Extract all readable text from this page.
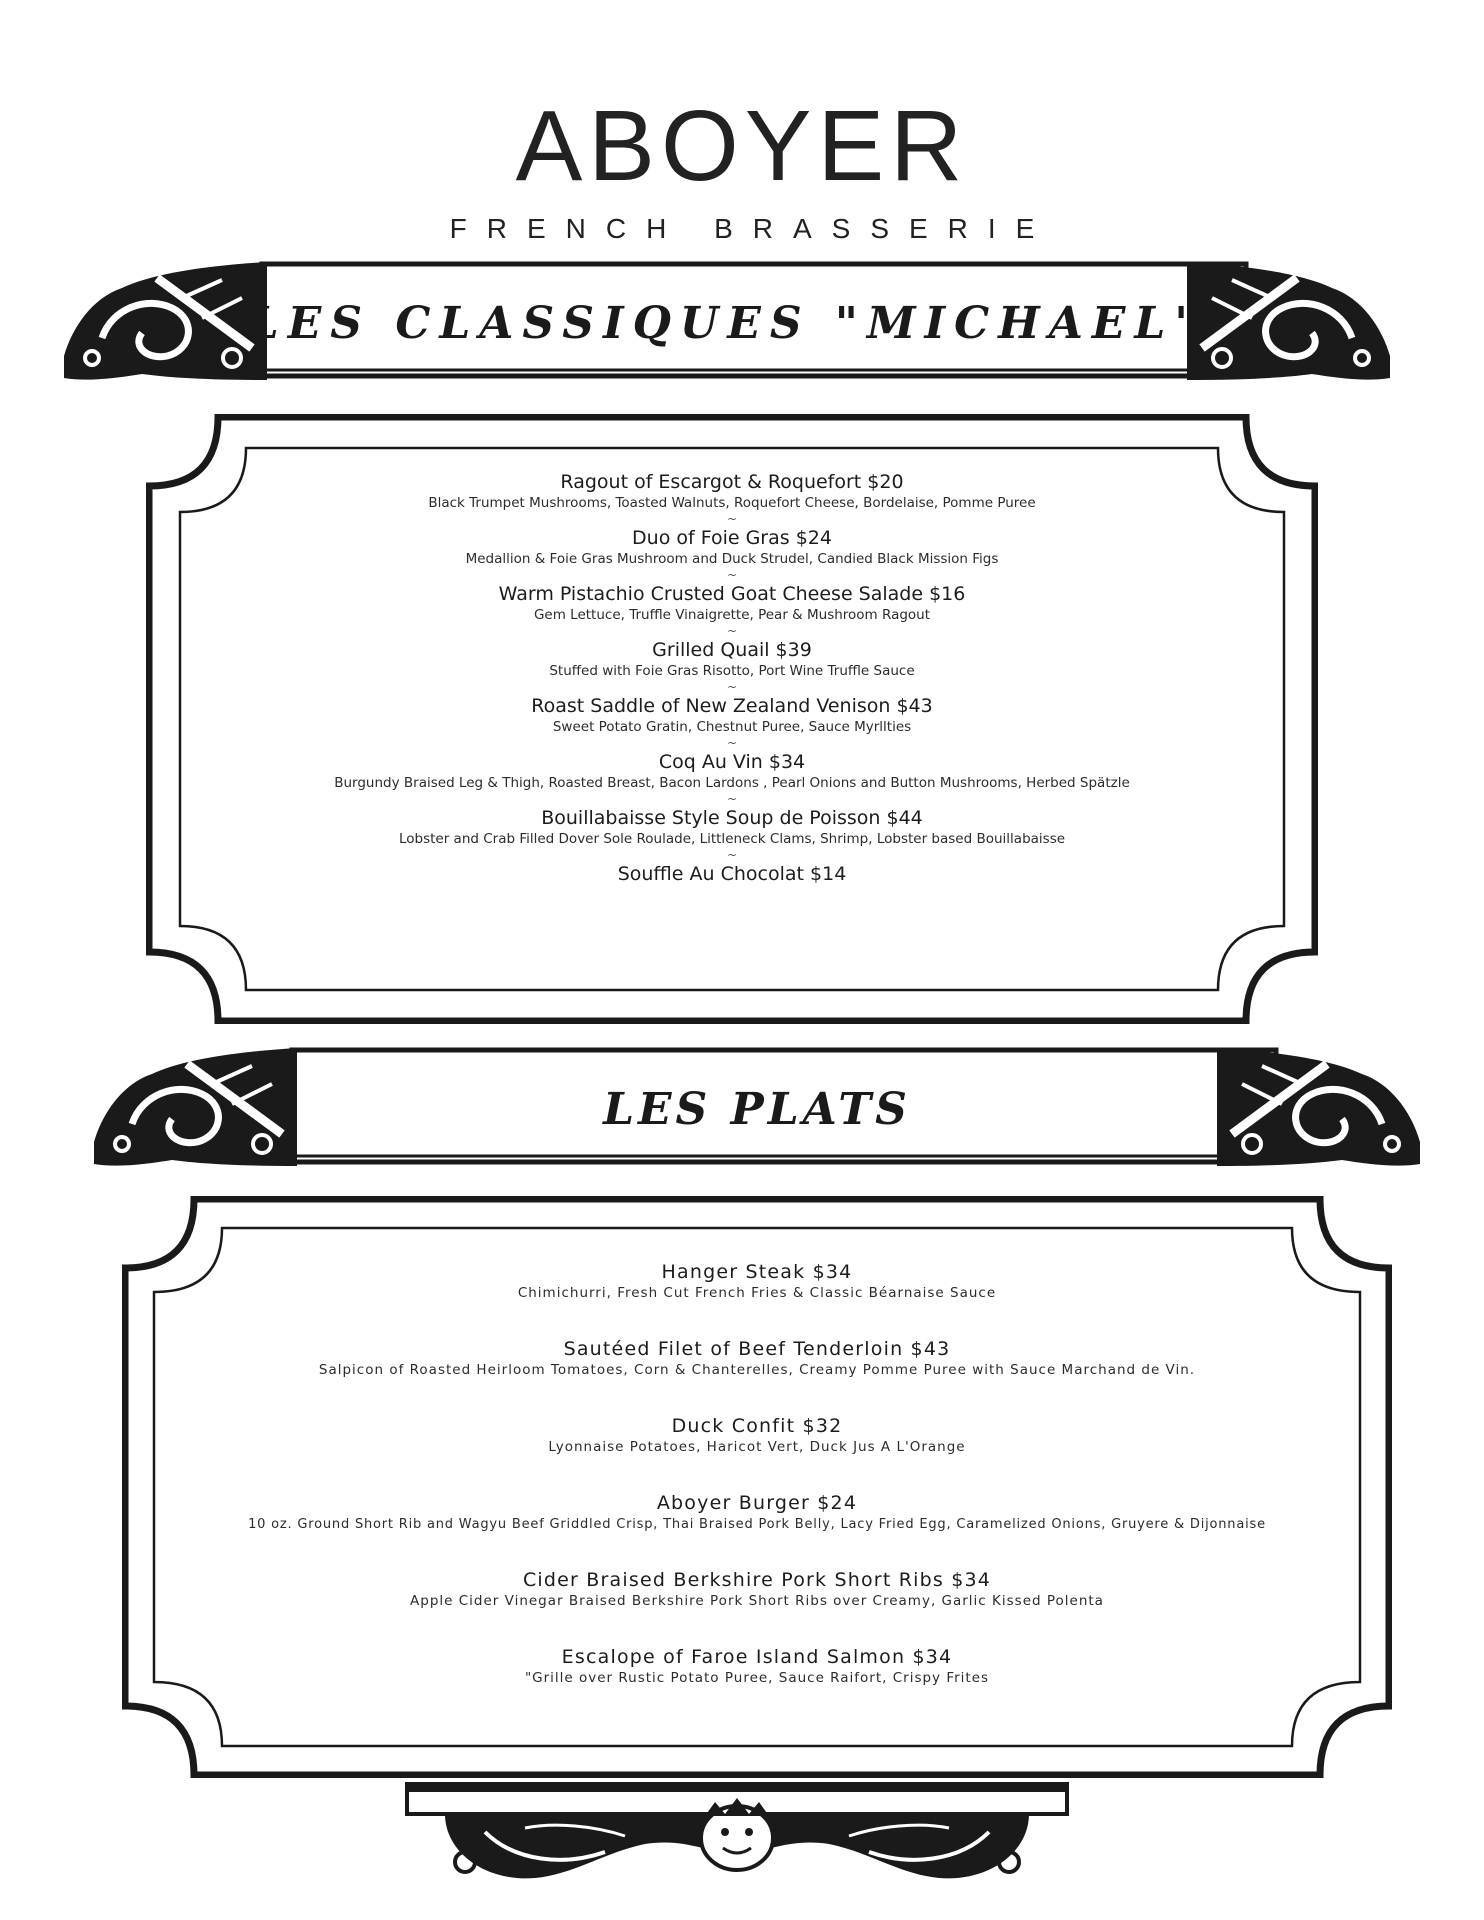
ABOYER
FRENCH BRASSERIE
LES CLASSIQUES "MICHAEL"
Ragout of Escargot & Roquefort $20
Black Trumpet Mushrooms, Toasted Walnuts, Roquefort Cheese, Bordelaise, Pomme Puree
~
Duo of Foie Gras $24
Medallion & Foie Gras Mushroom and Duck Strudel, Candied Black Mission Figs
~
Warm Pistachio Crusted Goat Cheese Salade $16
Gem Lettuce, Truffle Vinaigrette, Pear & Mushroom Ragout
~
Grilled Quail $39
Stuffed with Foie Gras Risotto, Port Wine Truffle Sauce
~
Roast Saddle of New Zealand Venison $43
Sweet Potato Gratin, Chestnut Puree, Sauce Myrllties
~
Coq Au Vin $34
Burgundy Braised Leg & Thigh, Roasted Breast, Bacon Lardons , Pearl Onions and Button Mushrooms, Herbed Spätzle
~
Bouillabaisse Style Soup de Poisson $44
Lobster and Crab Filled Dover Sole Roulade, Littleneck Clams, Shrimp, Lobster based Bouillabaisse
~
Souffle Au Chocolat $14
LES PLATS
Hanger Steak $34
Chimichurri, Fresh Cut French Fries & Classic Béarnaise Sauce
Sautéed Filet of Beef Tenderloin $43
Salpicon of Roasted Heirloom Tomatoes, Corn & Chanterelles, Creamy Pomme Puree with Sauce Marchand de Vin.
Duck Confit $32
Lyonnaise Potatoes, Haricot Vert, Duck Jus A L'Orange
Aboyer Burger $24
10 oz. Ground Short Rib and Wagyu Beef Griddled Crisp, Thai Braised Pork Belly, Lacy Fried Egg, Caramelized Onions, Gruyere & Dijonnaise
Cider Braised Berkshire Pork Short Ribs $34
Apple Cider Vinegar Braised Berkshire Pork Short Ribs over Creamy, Garlic Kissed Polenta
Escalope of Faroe Island Salmon $34
"Grille over Rustic Potato Puree, Sauce Raifort, Crispy Frites
